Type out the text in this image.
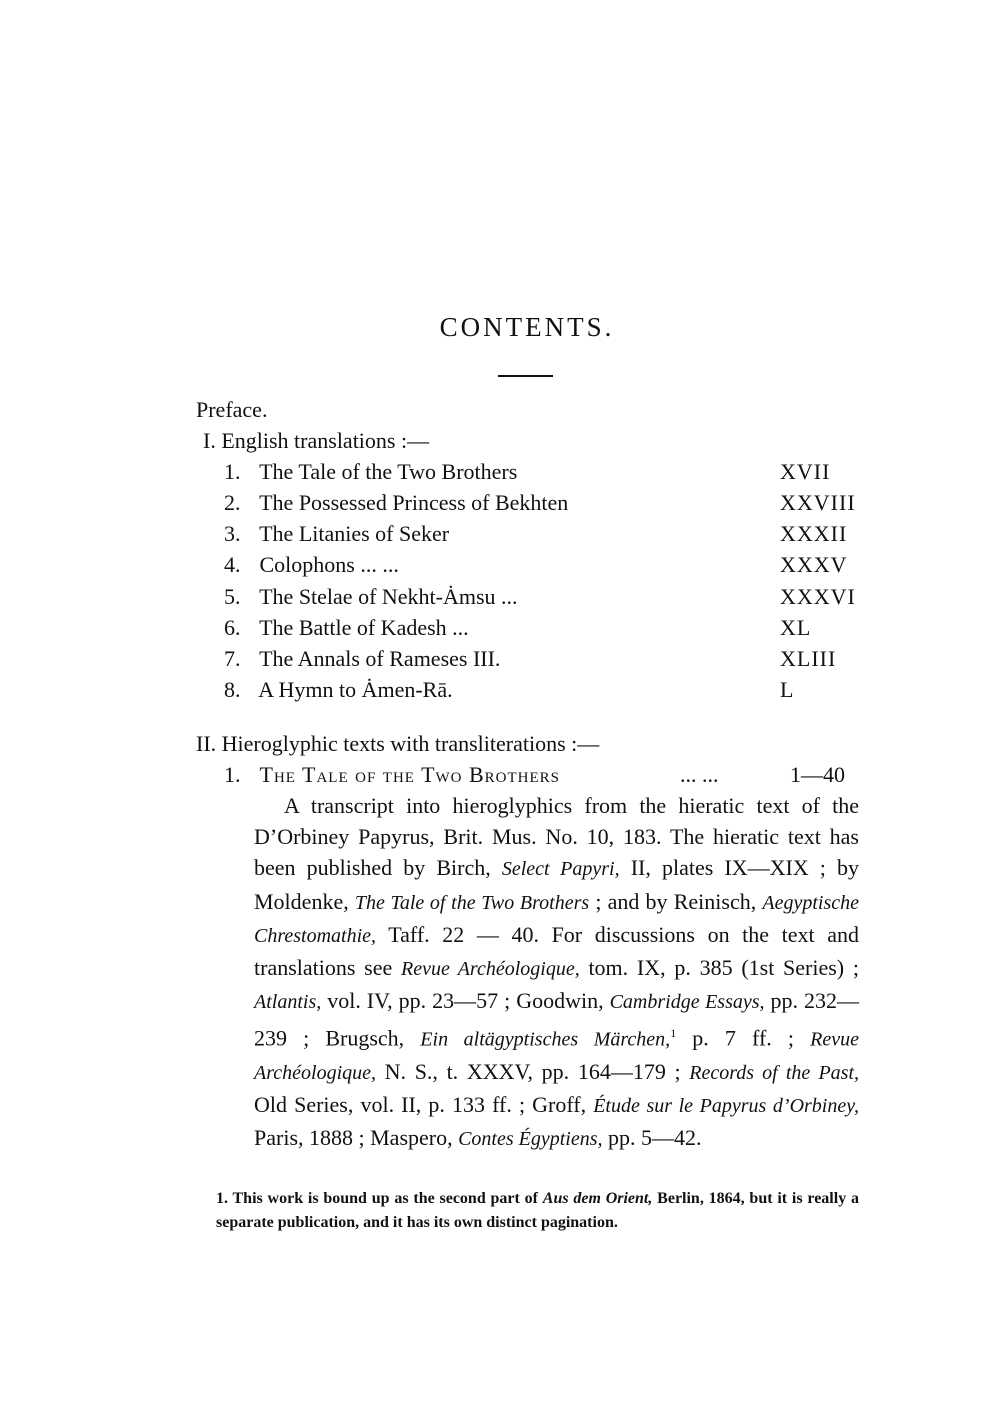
CONTENTS.
Preface.
I. English translations :—
1. The Tale of the Two Brothers	XVII
2. The Possessed Princess of Bekhten	XXVIII
3. The Litanies of Seker	XXXII
4. Colophons ... ...	XXXV
5. The Stelae of Nekht-Ȧmsu ...	XXXVI
6. The Battle of Kadesh ...	XL
7. The Annals of Rameses III.	XLIII
8. A Hymn to Ȧmen-Rā.	L
II. Hieroglyphic texts with transliterations :—
1. The Tale of the Two Brothers	... ...	1—40
A transcript into hieroglyphics from the hieratic text of the D’Orbiney Papyrus, Brit. Mus. No. 10, 183. The hieratic text has been published by Birch, Select Papyri, II, plates IX—XIX ; by Moldenke, The Tale of the Two Brothers ; and by Reinisch, Aegyptische Chrestomathie, Taff. 22 — 40. For discussions on the text and translations see Revue Archéologique, tom. IX, p. 385 (1st Series) ; Atlantis, vol. IV, pp. 23—57 ; Goodwin, Cambridge Essays, pp. 232—239 ; Brugsch, Ein altägyptisches Märchen,$^1$ p. 7 ff. ; Revue Archéologique, N. S., t. XXXV, pp. 164—179 ; Records of the Past, Old Series, vol. II, p. 133 ff. ; Groff, Étude sur le Papyrus d’Orbiney, Paris, 1888 ; Maspero, Contes Égyptiens, pp. 5—42.
1. This work is bound up as the second part of Aus dem Orient, Berlin, 1864, but it is really a separate publication, and it has its own distinct pagination.
